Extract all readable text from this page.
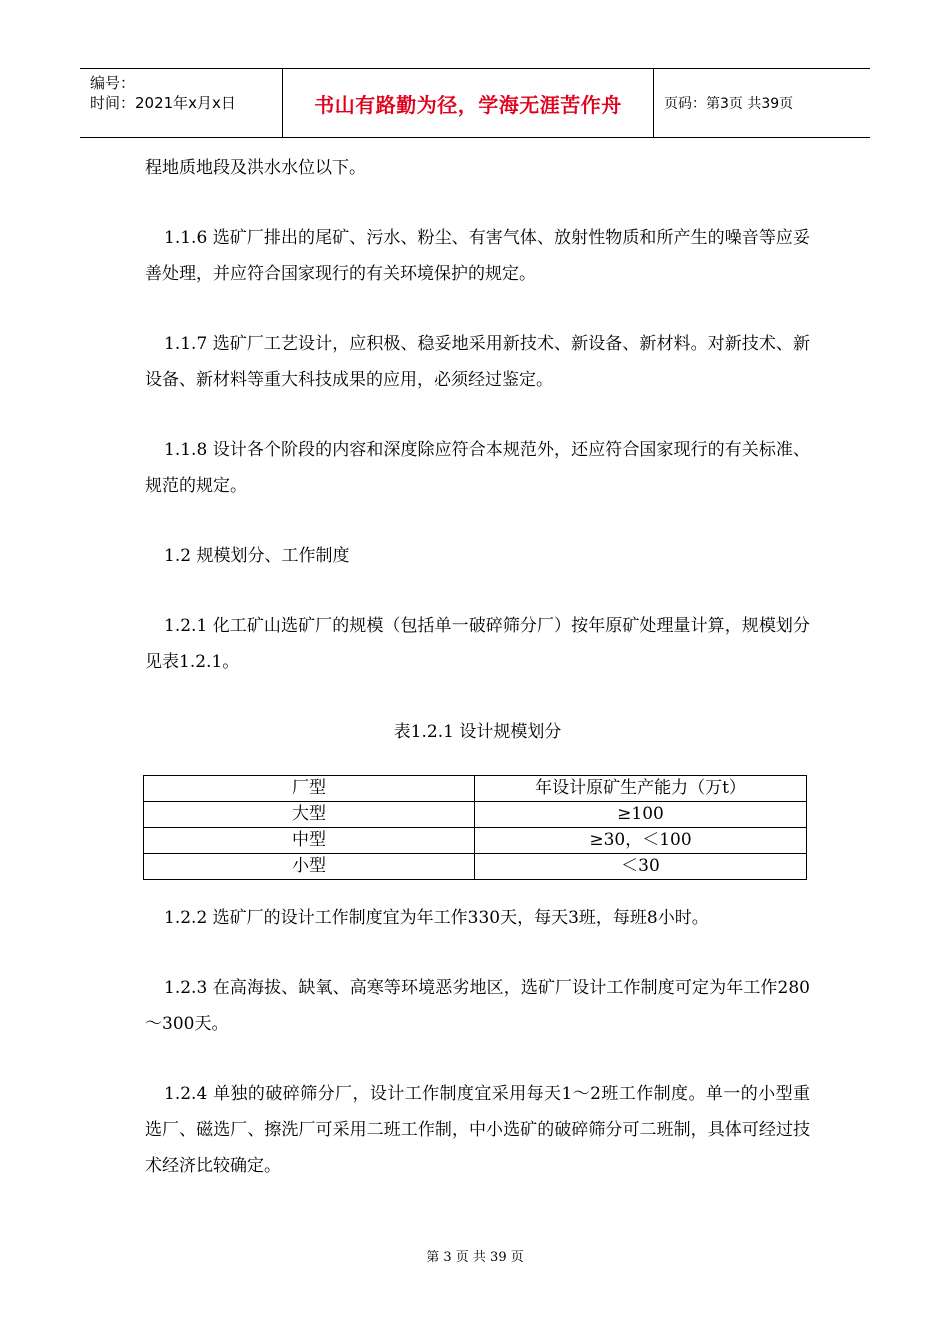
编号：
时间：2021年x月x日	书山有路勤为径，学海无涯苦作舟	页码：第3页 共39页

程地质地段及洪水水位以下。

1.1.6 选矿厂排出的尾矿、污水、粉尘、有害气体、放射性物质和所产生的噪音等应妥善处理，并应符合国家现行的有关环境保护的规定。

1.1.7 选矿厂工艺设计，应积极、稳妥地采用新技术、新设备、新材料。对新技术、新设备、新材料等重大科技成果的应用，必须经过鉴定。

1.1.8 设计各个阶段的内容和深度除应符合本规范外，还应符合国家现行的有关标准、规范的规定。

1.2 规模划分、工作制度

1.2.1 化工矿山选矿厂的规模（包括单一破碎筛分厂）按年原矿处理量计算，规模划分见表1.2.1。

表1.2.1 设计规模划分

厂型	年设计原矿生产能力（万t）
大型	≥100
中型	≥30，＜100
小型	＜30

1.2.2 选矿厂的设计工作制度宜为年工作330天，每天3班，每班8小时。

1.2.3 在高海拔、缺氧、高寒等环境恶劣地区，选矿厂设计工作制度可定为年工作280～300天。

1.2.4 单独的破碎筛分厂，设计工作制度宜采用每天1～2班工作制度。单一的小型重选厂、磁选厂、擦洗厂可采用二班工作制，中小选矿的破碎筛分可二班制，具体可经过技术经济比较确定。

第 3 页 共 39 页
